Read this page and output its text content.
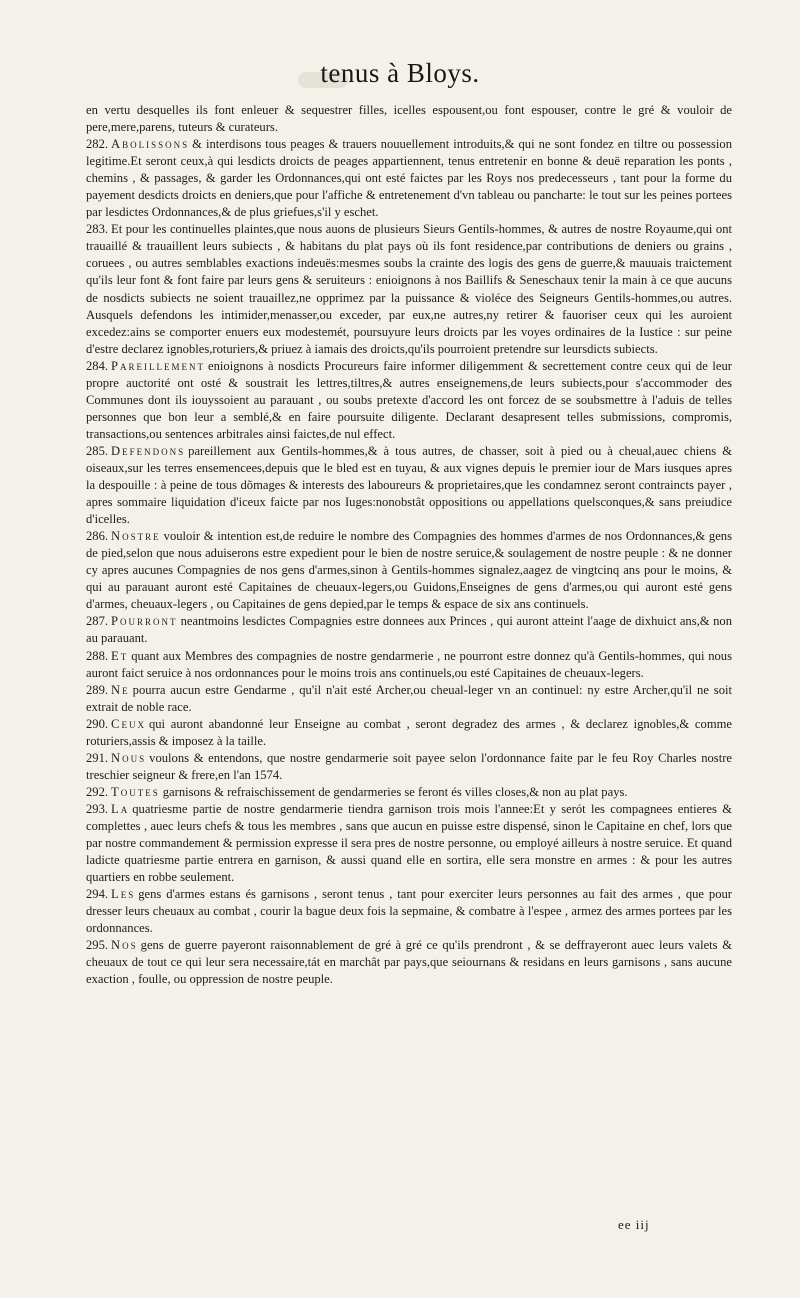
tenus à Bloys.

en vertu desquelles ils font enleuer & sequestrer filles, icelles espousent,ou font espouser, contre le gré & vouloir de pere,mere,parens, tuteurs & curateurs.

282. Abolissons & interdisons tous peages & trauers nouuellement introduits,& qui ne sont fondez en tiltre ou possession legitime.Et seront ceux,à qui lesdicts droicts de peages appartiennent, tenus entretenir en bonne & deuë reparation les ponts , chemins , & passages, & garder les Ordonnances,qui ont esté faictes par les Roys nos predecesseurs , tant pour la forme du payement desdicts droicts en deniers,que pour l'affiche & entretenement d'vn tableau ou pancharte: le tout sur les peines portees par lesdictes Ordonnances,& de plus griefues,s'il y eschet.

283. Et pour les continuelles plaintes,que nous auons de plusieurs Sieurs Gentils-hommes, & autres de nostre Royaume,qui ont trauaillé & trauaillent leurs subiects , & habitans du plat pays où ils font residence,par contributions de deniers ou grains , coruees , ou autres semblables exactions indeuës:mesmes soubs la crainte des logis des gens de guerre,& mauuais traictement qu'ils leur font & font faire par leurs gens & seruiteurs : enioignons à nos Baillifs & Seneschaux tenir la main à ce que aucuns de nosdicts subiects ne soient trauaillez,ne opprimez par la puissance & violéce des Seigneurs Gentils-hommes,ou autres. Ausquels defendons les intimider,menasser,ou exceder, par eux,ne autres,ny retirer & fauoriser ceux qui les auroient excedez:ains se comporter enuers eux modestemét, poursuyure leurs droicts par les voyes ordinaires de la Iustice : sur peine d'estre declarez ignobles,roturiers,& priuez à iamais des droicts,qu'ils pourroient pretendre sur leursdicts subiects.

284. Pareillement enioignons à nosdicts Procureurs faire informer diligemment & secrettement contre ceux qui de leur propre auctorité ont osté & soustrait les lettres,tiltres,& autres enseignemens,de leurs subiects,pour s'accommoder des Communes dont ils iouyssoient au parauant , ou soubs pretexte d'accord les ont forcez de se soubsmettre à l'aduis de telles personnes que bon leur a semblé,& en faire poursuite diligente. Declarant desapresent telles submissions, compromis, transactions,ou sentences arbitrales ainsi faictes,de nul effect.

285. Defendons pareillement aux Gentils-hommes,& à tous autres, de chasser, soit à pied ou à cheual,auec chiens & oiseaux,sur les terres ensemencees,depuis que le bled est en tuyau, & aux vignes depuis le premier iour de Mars iusques apres la despouille : à peine de tous dõmages & interests des laboureurs & proprietaires,que les condamnez seront contraincts payer , apres sommaire liquidation d'iceux faicte par nos Iuges:nonobstât oppositions ou appellations quelsconques,& sans preiudice d'icelles.

286. Nostre vouloir & intention est,de reduire le nombre des Compagnies des hommes d'armes de nos Ordonnances,& gens de pied,selon que nous aduiserons estre expedient pour le bien de nostre seruice,& soulagement de nostre peuple : & ne donner cy apres aucunes Compagnies de nos gens d'armes,sinon à Gentils-hommes signalez,aagez de vingtcinq ans pour le moins, & qui au parauant auront esté Capitaines de cheuaux-legers,ou Guidons,Enseignes de gens d'armes,ou qui auront esté gens d'armes, cheuaux-legers , ou Capitaines de gens depied,par le temps & espace de six ans continuels.

287. Pourront neantmoins lesdictes Compagnies estre donnees aux Princes , qui auront atteint l'aage de dixhuict ans,& non au parauant.

288. Et quant aux Membres des compagnies de nostre gendarmerie , ne pourront estre donnez qu'à Gentils-hommes, qui nous auront faict seruice à nos ordonnances pour le moins trois ans continuels,ou esté Capitaines de cheuaux-legers.

289. Ne pourra aucun estre Gendarme , qu'il n'ait esté Archer,ou cheual-leger vn an continuel: ny estre Archer,qu'il ne soit extrait de noble race.

290. Ceux qui auront abandonné leur Enseigne au combat , seront degradez des armes , & declarez ignobles,& comme roturiers,assis & imposez à la taille.

291. Nous voulons & entendons, que nostre gendarmerie soit payee selon l'ordonnance faite par le feu Roy Charles nostre treschier seigneur & frere,en l'an 1574.

292. Toutes garnisons & refraischissement de gendarmeries se feront és villes closes,& non au plat pays.

293. La quatriesme partie de nostre gendarmerie tiendra garnison trois mois l'annee:Et y serót les compagnees entieres & complettes , auec leurs chefs & tous les membres , sans que aucun en puisse estre dispensé, sinon le Capitaine en chef, lors que par nostre commandement & permission expresse il sera pres de nostre personne, ou employé ailleurs à nostre seruice. Et quand ladicte quatriesme partie entrera en garnison, & aussi quand elle en sortira, elle sera monstre en armes : & pour les autres quartiers en robbe seulement.

294. Les gens d'armes estans és garnisons , seront tenus , tant pour exerciter leurs personnes au fait des armes , que pour dresser leurs cheuaux au combat , courir la bague deux fois la sepmaine, & combatre à l'espee , armez des armes portees par les ordonnances.

295. Nos gens de guerre payeront raisonnablement de gré à gré ce qu'ils prendront , & se deffrayeront auec leurs valets & cheuaux de tout ce qui leur sera necessaire,tát en marchât par pays,que seiournans & residans en leurs garnisons , sans aucune exaction , foulle, ou oppression de nostre peuple.

ee iij
